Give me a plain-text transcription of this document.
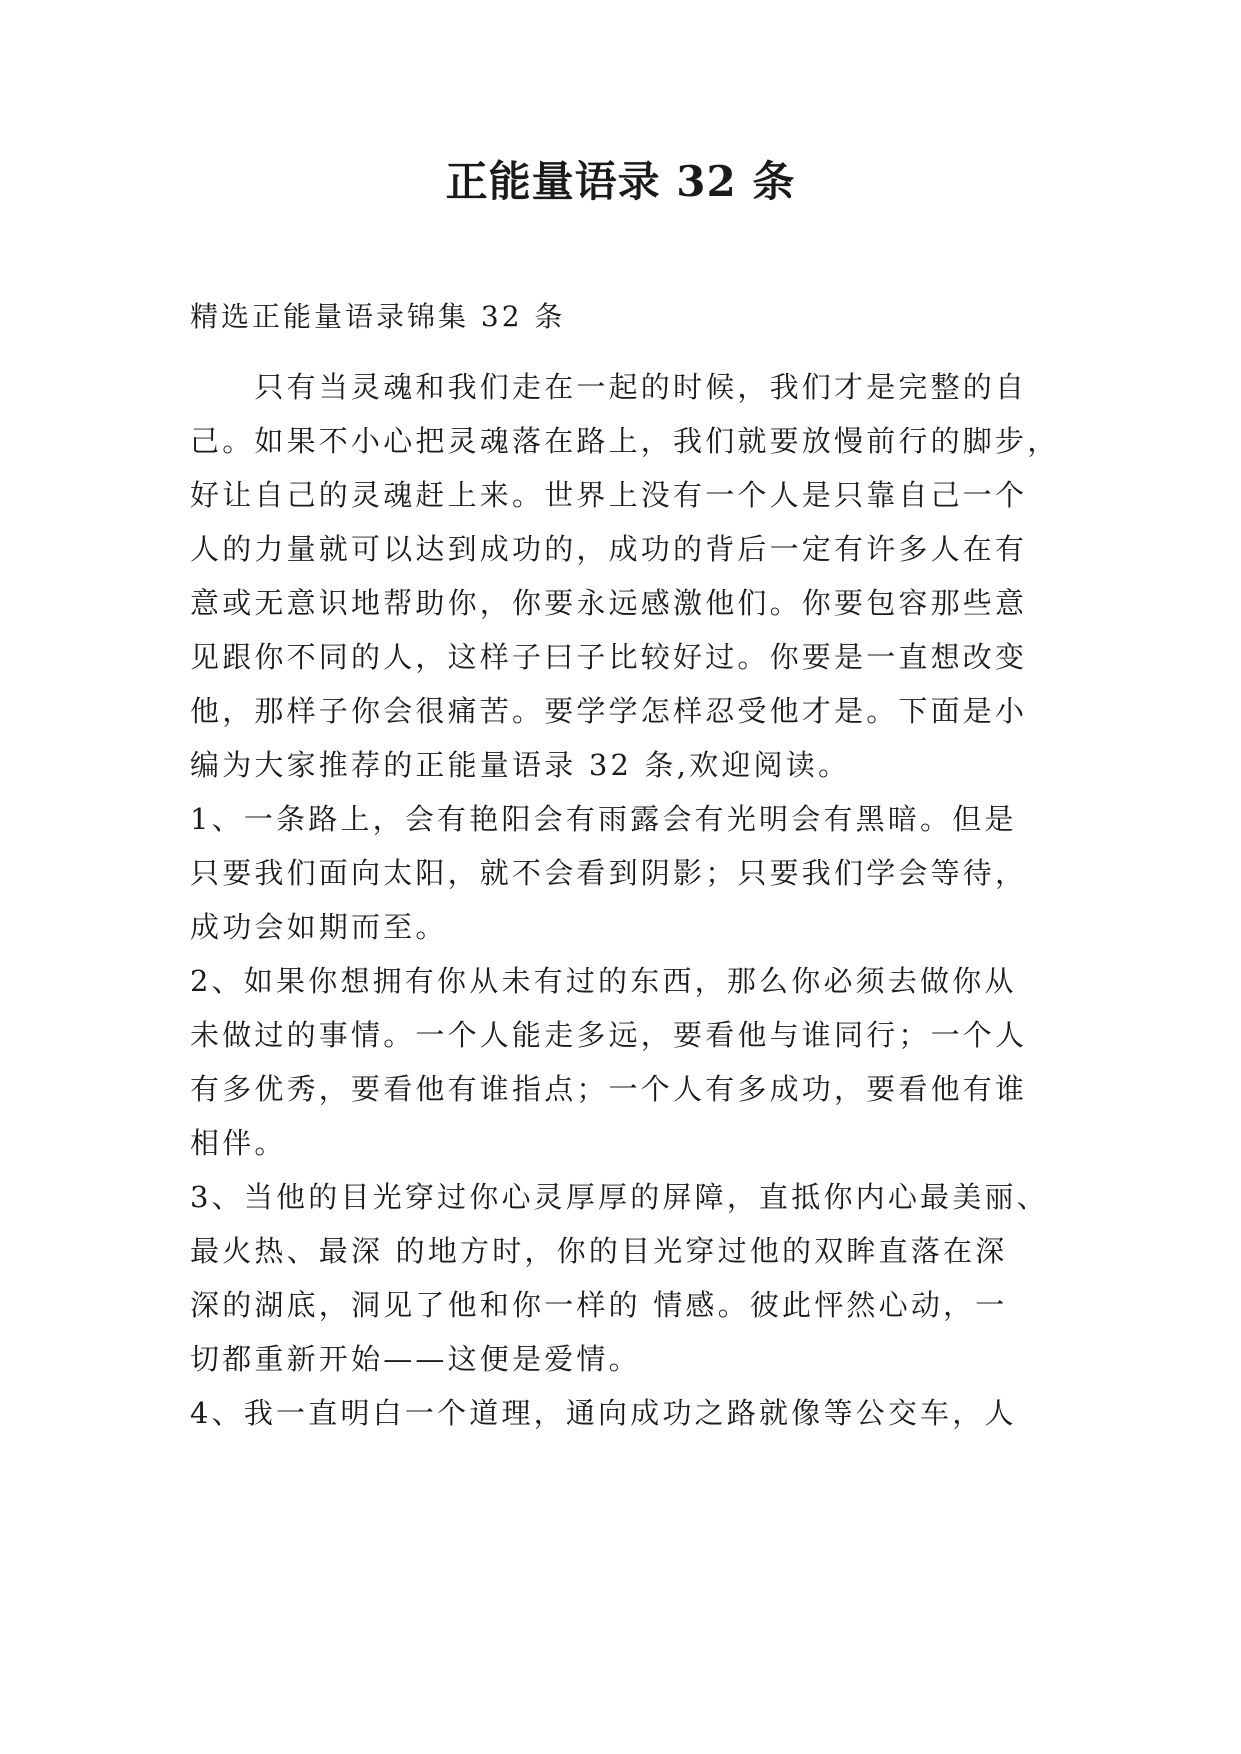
正能量语录 32 条
精选正能量语录锦集 32 条
　　只有当灵魂和我们走在一起的时候，我们才是完整的自
己。如果不小心把灵魂落在路上，我们就要放慢前行的脚步，
好让自己的灵魂赶上来。世界上没有一个人是只靠自己一个
人的力量就可以达到成功的，成功的背后一定有许多人在有
意或无意识地帮助你，你要永远感激他们。你要包容那些意
见跟你不同的人，这样子曰子比较好过。你要是一直想改变
他，那样子你会很痛苦。要学学怎样忍受他才是。下面是小
编为大家推荐的正能量语录 32 条,欢迎阅读。
1、一条路上，会有艳阳会有雨露会有光明会有黑暗。但是
只要我们面向太阳，就不会看到阴影；只要我们学会等待，
成功会如期而至。
2、如果你想拥有你从未有过的东西，那么你必须去做你从
未做过的事情。一个人能走多远，要看他与谁同行；一个人
有多优秀，要看他有谁指点；一个人有多成功，要看他有谁
相伴。
3、当他的目光穿过你心灵厚厚的屏障，直抵你内心最美丽、
最火热、最深 的地方时，你的目光穿过他的双眸直落在深
深的湖底，洞见了他和你一样的 情感。彼此怦然心动，一
切都重新开始——这便是爱情。
4、我一直明白一个道理，通向成功之路就像等公交车，人
